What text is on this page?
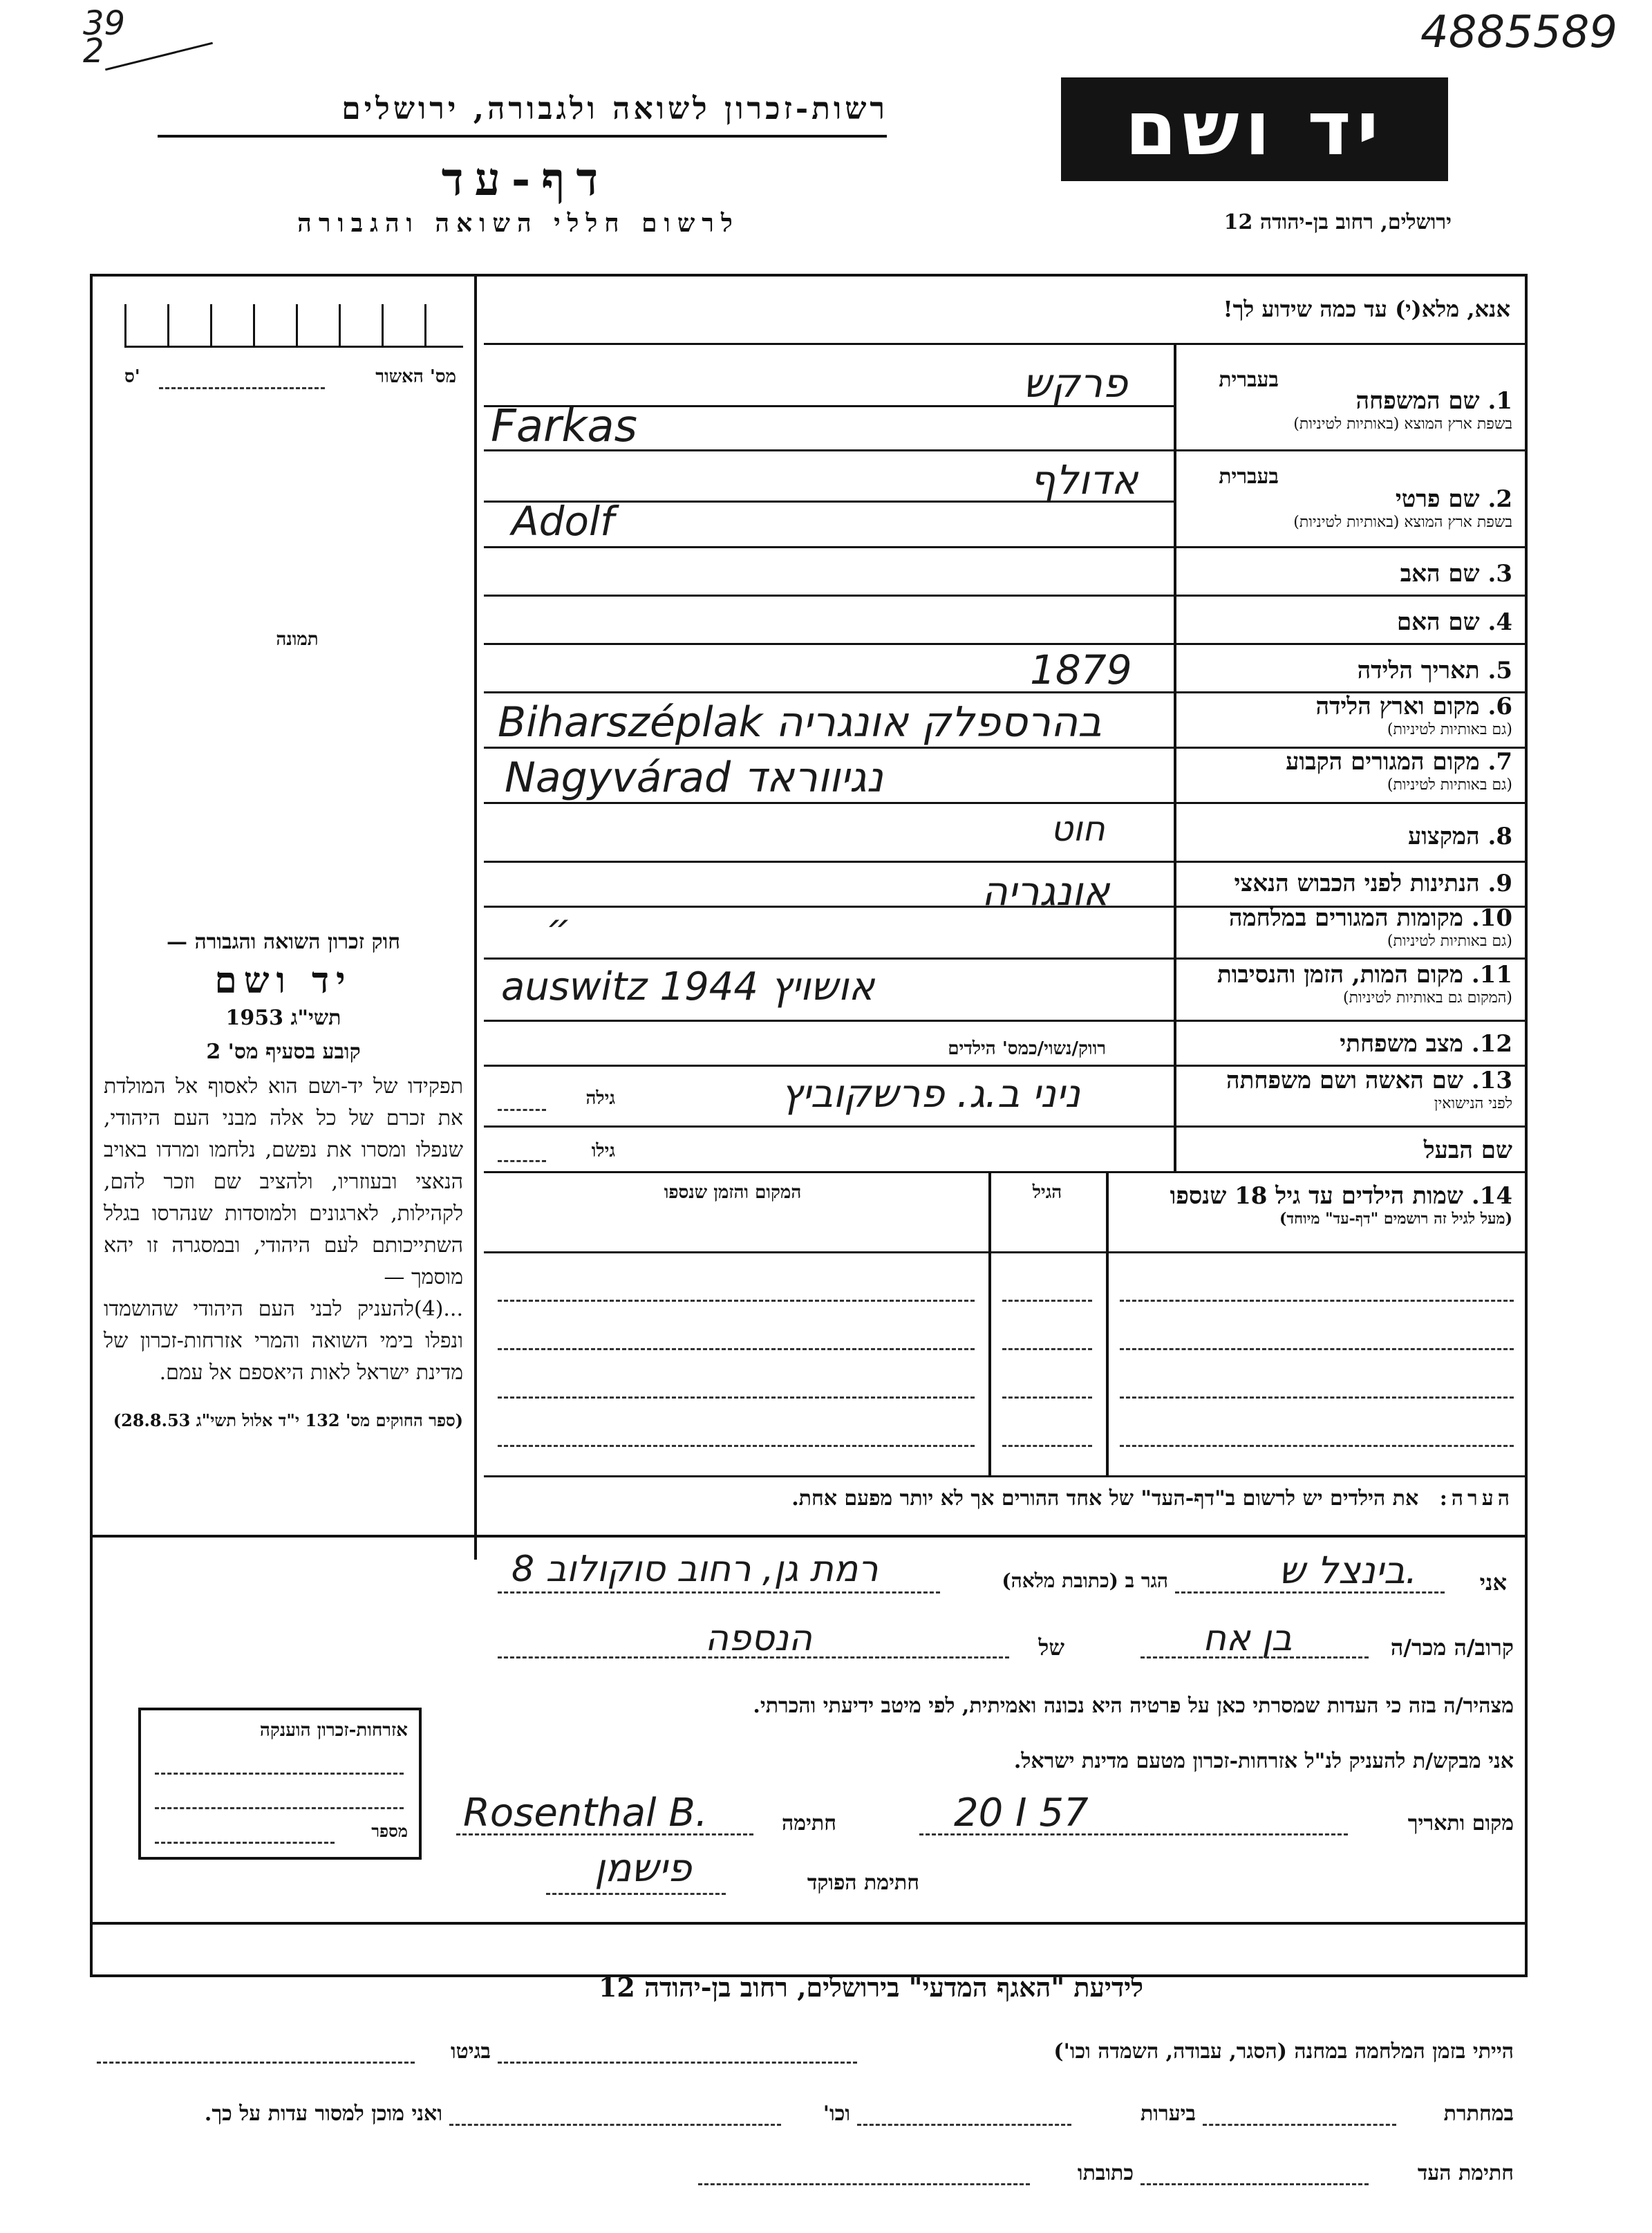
4885589
39
2
רשות-זכרון לשואה ולגבורה, ירושלים
דף-עד
לרשום חללי השואה והגבורה
יד ושם
ירושלים, רחוב בן-יהודה 12
מס' האשור
ס'
תמונה
חוק זכרון השואה והגבורה —
יד ושם
תשי"ג 1953
קובע בסעיף מס' 2
תפקידו של יד-ושם הוא לאסוף אל המולדת את זכרם של כל אלה מבני העם היהודי, שנפלו ומסרו את נפשם, נלחמו ומרדו באויב הנאצי ובעוזריו, ולהציב שם וזכר להם, לקהילות, לארגונים ולמוסדות שנהרסו בגלל השתייכותם לעם היהודי, ובמסגרה זו יהא מוסמך —
...(4)להעניק לבני העם היהודי שהושמדו ונפלו בימי השואה והמרי אזרחות-זכרון של מדינת ישראל לאות היאספם אל עמם.
(ספר החוקים מס' 132 י"ד אלול תשי"ג 28.8.53)
אנא, מלא(י) עד כמה שידוע לך!
בעברית
1. שם המשפחה
בשפת ארץ המוצא (באותיות לטיניות)
פרקש
Farkas
בעברית
2. שם פרטי
בשפת ארץ המוצא (באותיות לטיניות)
אדולף
Adolf
3. שם האב
4. שם האם
5. תאריך הלידה
1879
6. מקום וארץ הלידה
(גם באותיות לטיניות)
Biharszéplak בהרספלק אונגריה
7. מקום המגורים הקבוע
(גם באותיות לטיניות)
Nagyvárad נגיווראד
8. המקצוע
חוט
9. הנתינות לפני הכבוש הנאצי
אונגריה
10. מקומות המגורים במלחמה
(גם באותיות לטיניות)
״
11. מקום המות, הזמן והנסיבות
(המקום גם באותיות לטיניות)
auswitz 1944 אושויץ
12. מצב משפחתי
רווק/נשוי/כמס' הילדים
13. שם האשה ושם משפחתה
לפני הנישואין
ניני ב.ג. פרשקוביץ
גילה
שם הבעל
גילו
14. שמות הילדים עד גיל 18 שנספו
(מעל לגיל זה רושמים "דף-עד" מיוחד)
הגיל
המקום והזמן שנספו
הערה: את הילדים יש לרשום ב"דף-העד" של אחד ההורים אך לא יותר מפעם אחת.
אני
בינצל ש.
הגר ב (כתובת מלאה)
רמת גן, רחוב סוקולוב 8
קרוב/ה מכר/ה
בן אח
של
הנספה
מצהיר/ה בזה כי העדות שמסרתי כאן על פרטיה היא נכונה ואמיתית, לפי מיטב ידיעתי והכרתי.
אני מבקש/ת להעניק לנ"ל אזרחות-זכרון מטעם מדינת ישראל.
מקום ותאריך
20 I 57
חתימה
Rosenthal B.
חתימת הפוקד
פישמן
אזרחות-זכרון הוענקה
מספר
לידיעת "האגף המדעי" בירושלים, רחוב בן-יהודה 12
הייתי בזמן המלחמה במחנה (הסגר, עבודה, השמדה וכו')
בגיטו
במחתרת
ביערות
וכו'
ואני מוכן למסור עדות על כך.
חתימת העד
כתובתו
